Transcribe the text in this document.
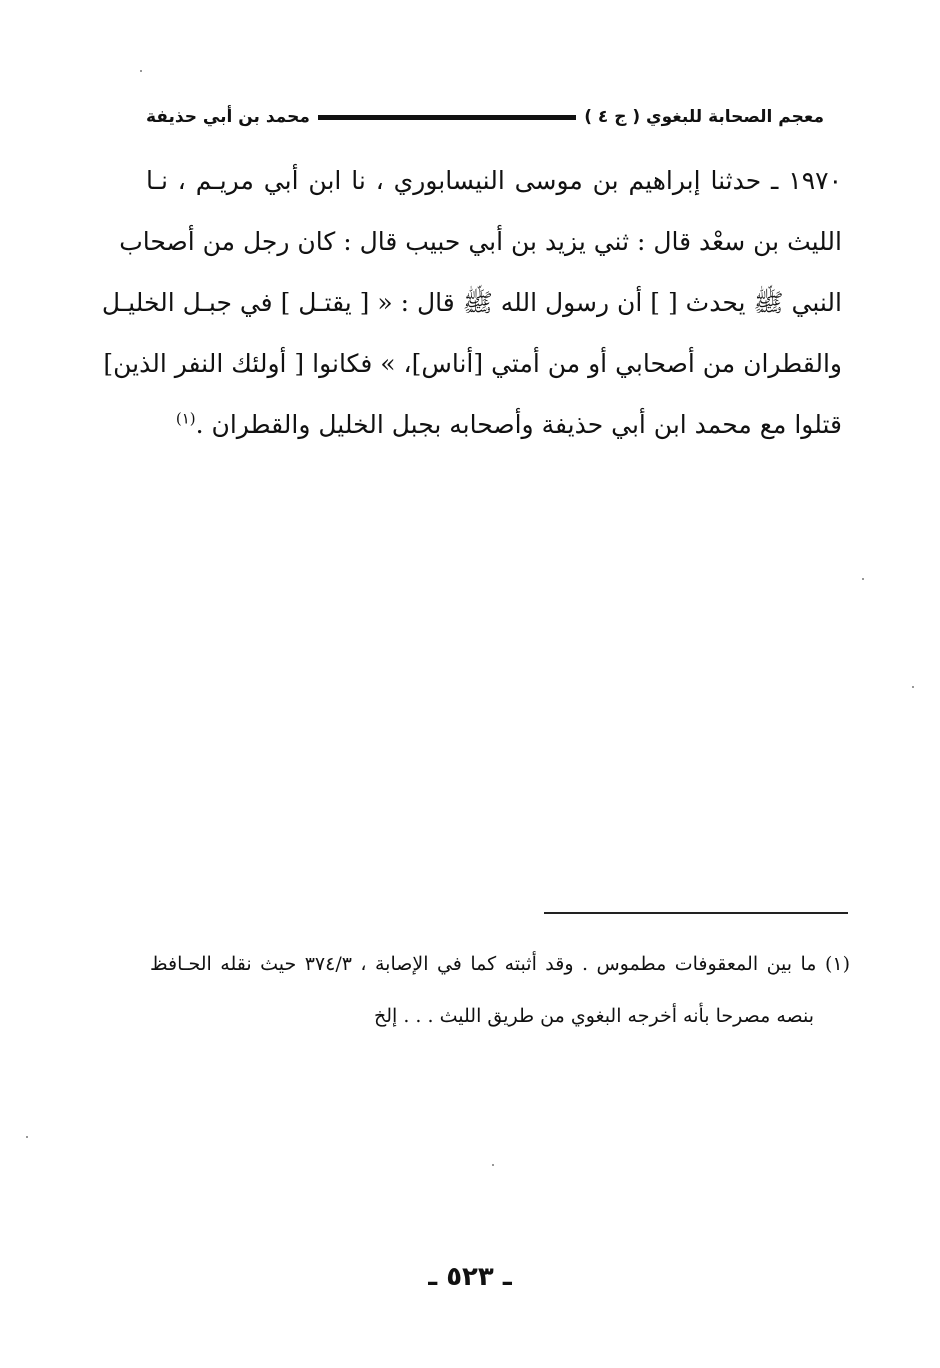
معجم الصحابة للبغوي ( ج ٤ )
محمد بن أبي حذيفة
١٩٧٠ ـ حدثنا إبراهيم بن موسى النيسابوري ، نا ابن أبي مريـم ، نـا
الليث بن سعْد قال : ثني يزيد بن أبي حبيب قال : كان رجل من أصحاب
النبي ﷺ يحدث [ ] أن رسول الله ﷺ قال : « [ يقتـل ] في جبـل الخليـل
والقطران من أصحابي أو من أمتي [أناس]، » فكانوا [ أولئك النفر الذين]
قتلوا مع محمد ابن أبي حذيفة وأصحابه بجبل الخليل والقطران .$^{(١)}$
(١) ما بين المعقوفات مطموس . وقد أثبته كما في الإصابة ، ٣٧٤/٣ حيث نقله الحـافظ
بنصه مصرحا بأنه أخرجه البغوي من طريق الليث . . . إلخ
ـ ٥٢٣ ـ
